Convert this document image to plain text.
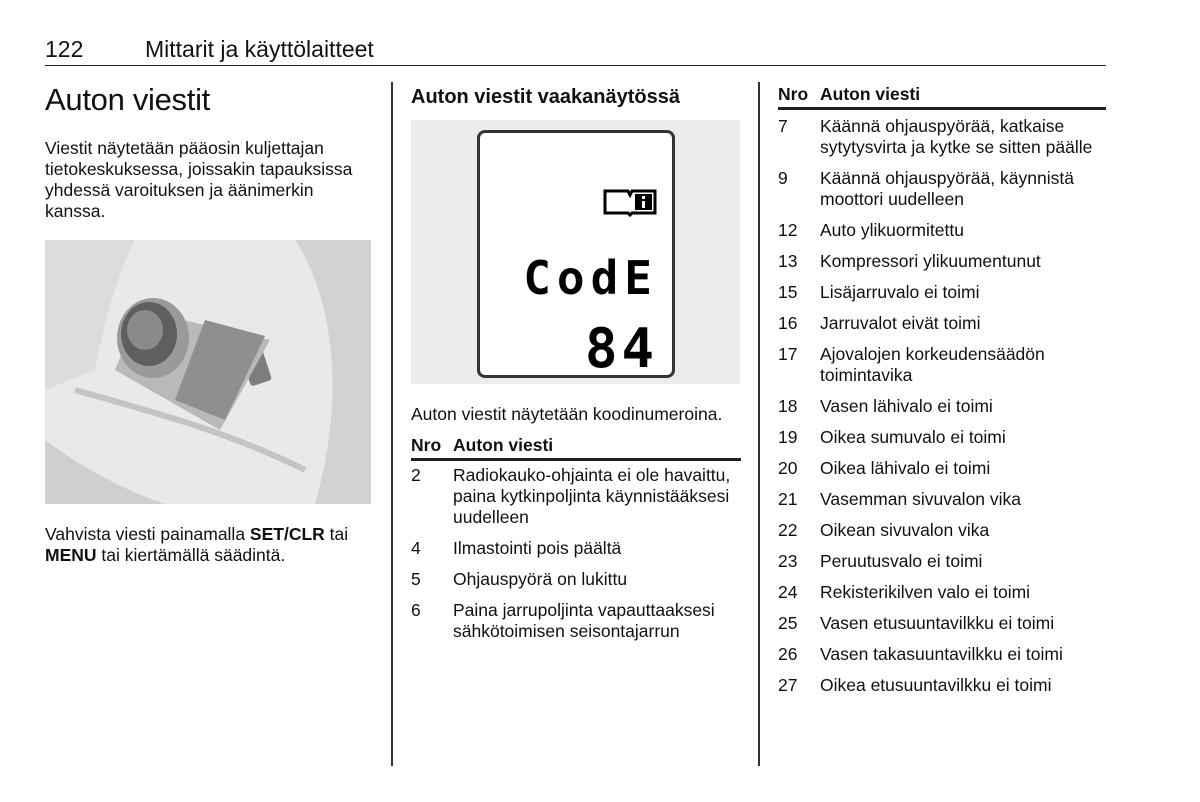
122	Mittarit ja käyttölaitteet
Auton viestit

Viestit näytetään pääosin kuljettajan tietokeskuksessa, joissakin tapauksissa yhdessä varoituksen ja äänimerkin kanssa.

Vahvista viesti painamalla SET/CLR tai MENU tai kiertämällä säädintä.
Auton viestit vaakanäytössä
CodE
84

Auton viestit näytetään koodinumeroina.

Nro Auton viesti
2	Radiokauko-ohjainta ei ole havaittu, paina kytkinpoljinta käynnistääksesi uudelleen
4	Ilmastointi pois päältä
5	Ohjauspyörä on lukittu
6	Paina jarrupoljinta vapauttaaksesi sähkötoimisen seisontajarrun
Nro Auton viesti
7	Käännä ohjauspyörää, katkaise sytytysvirta ja kytke se sitten päälle
9	Käännä ohjauspyörää, käynnistä moottori uudelleen
12	Auto ylikuormitettu
13	Kompressori ylikuumentunut
15	Lisäjarruvalo ei toimi
16	Jarruvalot eivät toimi
17	Ajovalojen korkeudensäädön toimintavika
18	Vasen lähivalo ei toimi
19	Oikea sumuvalo ei toimi
20	Oikea lähivalo ei toimi
21	Vasemman sivuvalon vika
22	Oikean sivuvalon vika
23	Peruutusvalo ei toimi
24	Rekisterikilven valo ei toimi
25	Vasen etusuuntavilkku ei toimi
26	Vasen takasuuntavilkku ei toimi
27	Oikea etusuuntavilkku ei toimi
